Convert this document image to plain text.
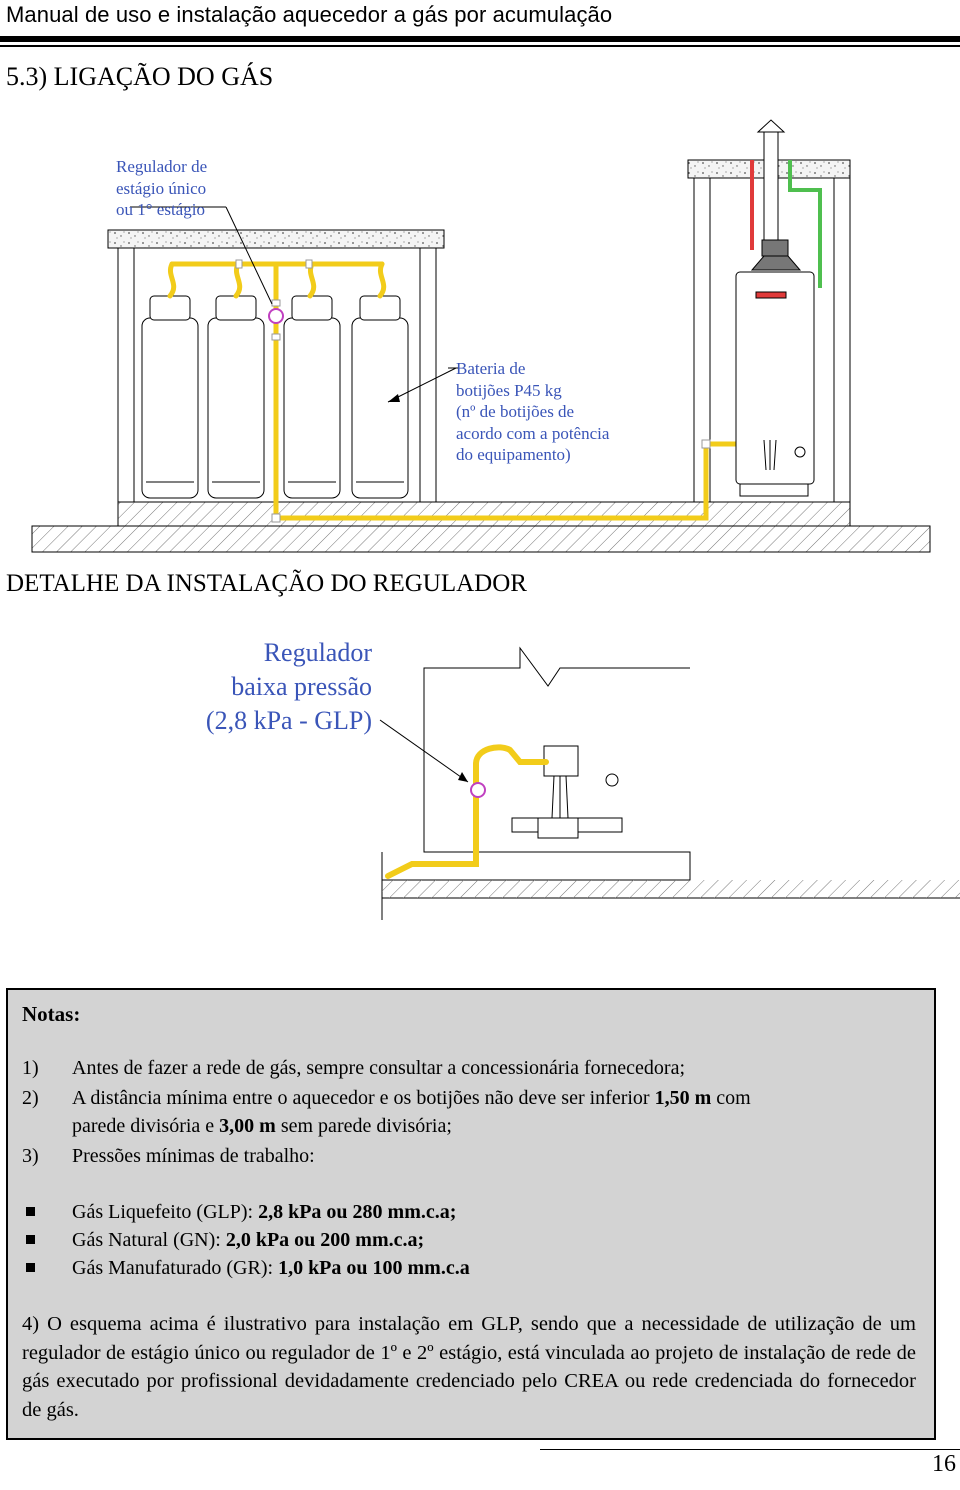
Manual de uso e instalação aquecedor a gás por acumulação
5.3) LIGAÇÃO DO GÁS
Regulador de
estágio único
ou 1° estágio
Bateria de
botijões P45 kg
(nº de botijões de
acordo com a potência
do equipamento)
DETALHE DA INSTALAÇÃO DO REGULADOR
Regulador
baixa pressão
(2,8 kPa - GLP)
Notas:
1) Antes de fazer a rede de gás, sempre consultar a concessionária fornecedora;
2) A distância mínima entre o aquecedor e os botijões não deve ser inferior 1,50 m com
parede divisória e 3,00 m sem parede divisória;
3) Pressões mínimas de trabalho:
Gás Liquefeito (GLP): 2,8 kPa ou 280 mm.c.a;
Gás Natural (GN): 2,0 kPa ou 200 mm.c.a;
Gás Manufaturado (GR): 1,0 kPa ou 100 mm.c.a
4) O esquema acima é ilustrativo para instalação em GLP, sendo que a necessidade de utilização de um regulador de estágio único ou regulador de 1º e 2º estágio, está vinculada ao projeto de instalação de rede de gás executado por profissional devidadamente credenciado pelo CREA ou rede credenciada do fornecedor de gás.
16
